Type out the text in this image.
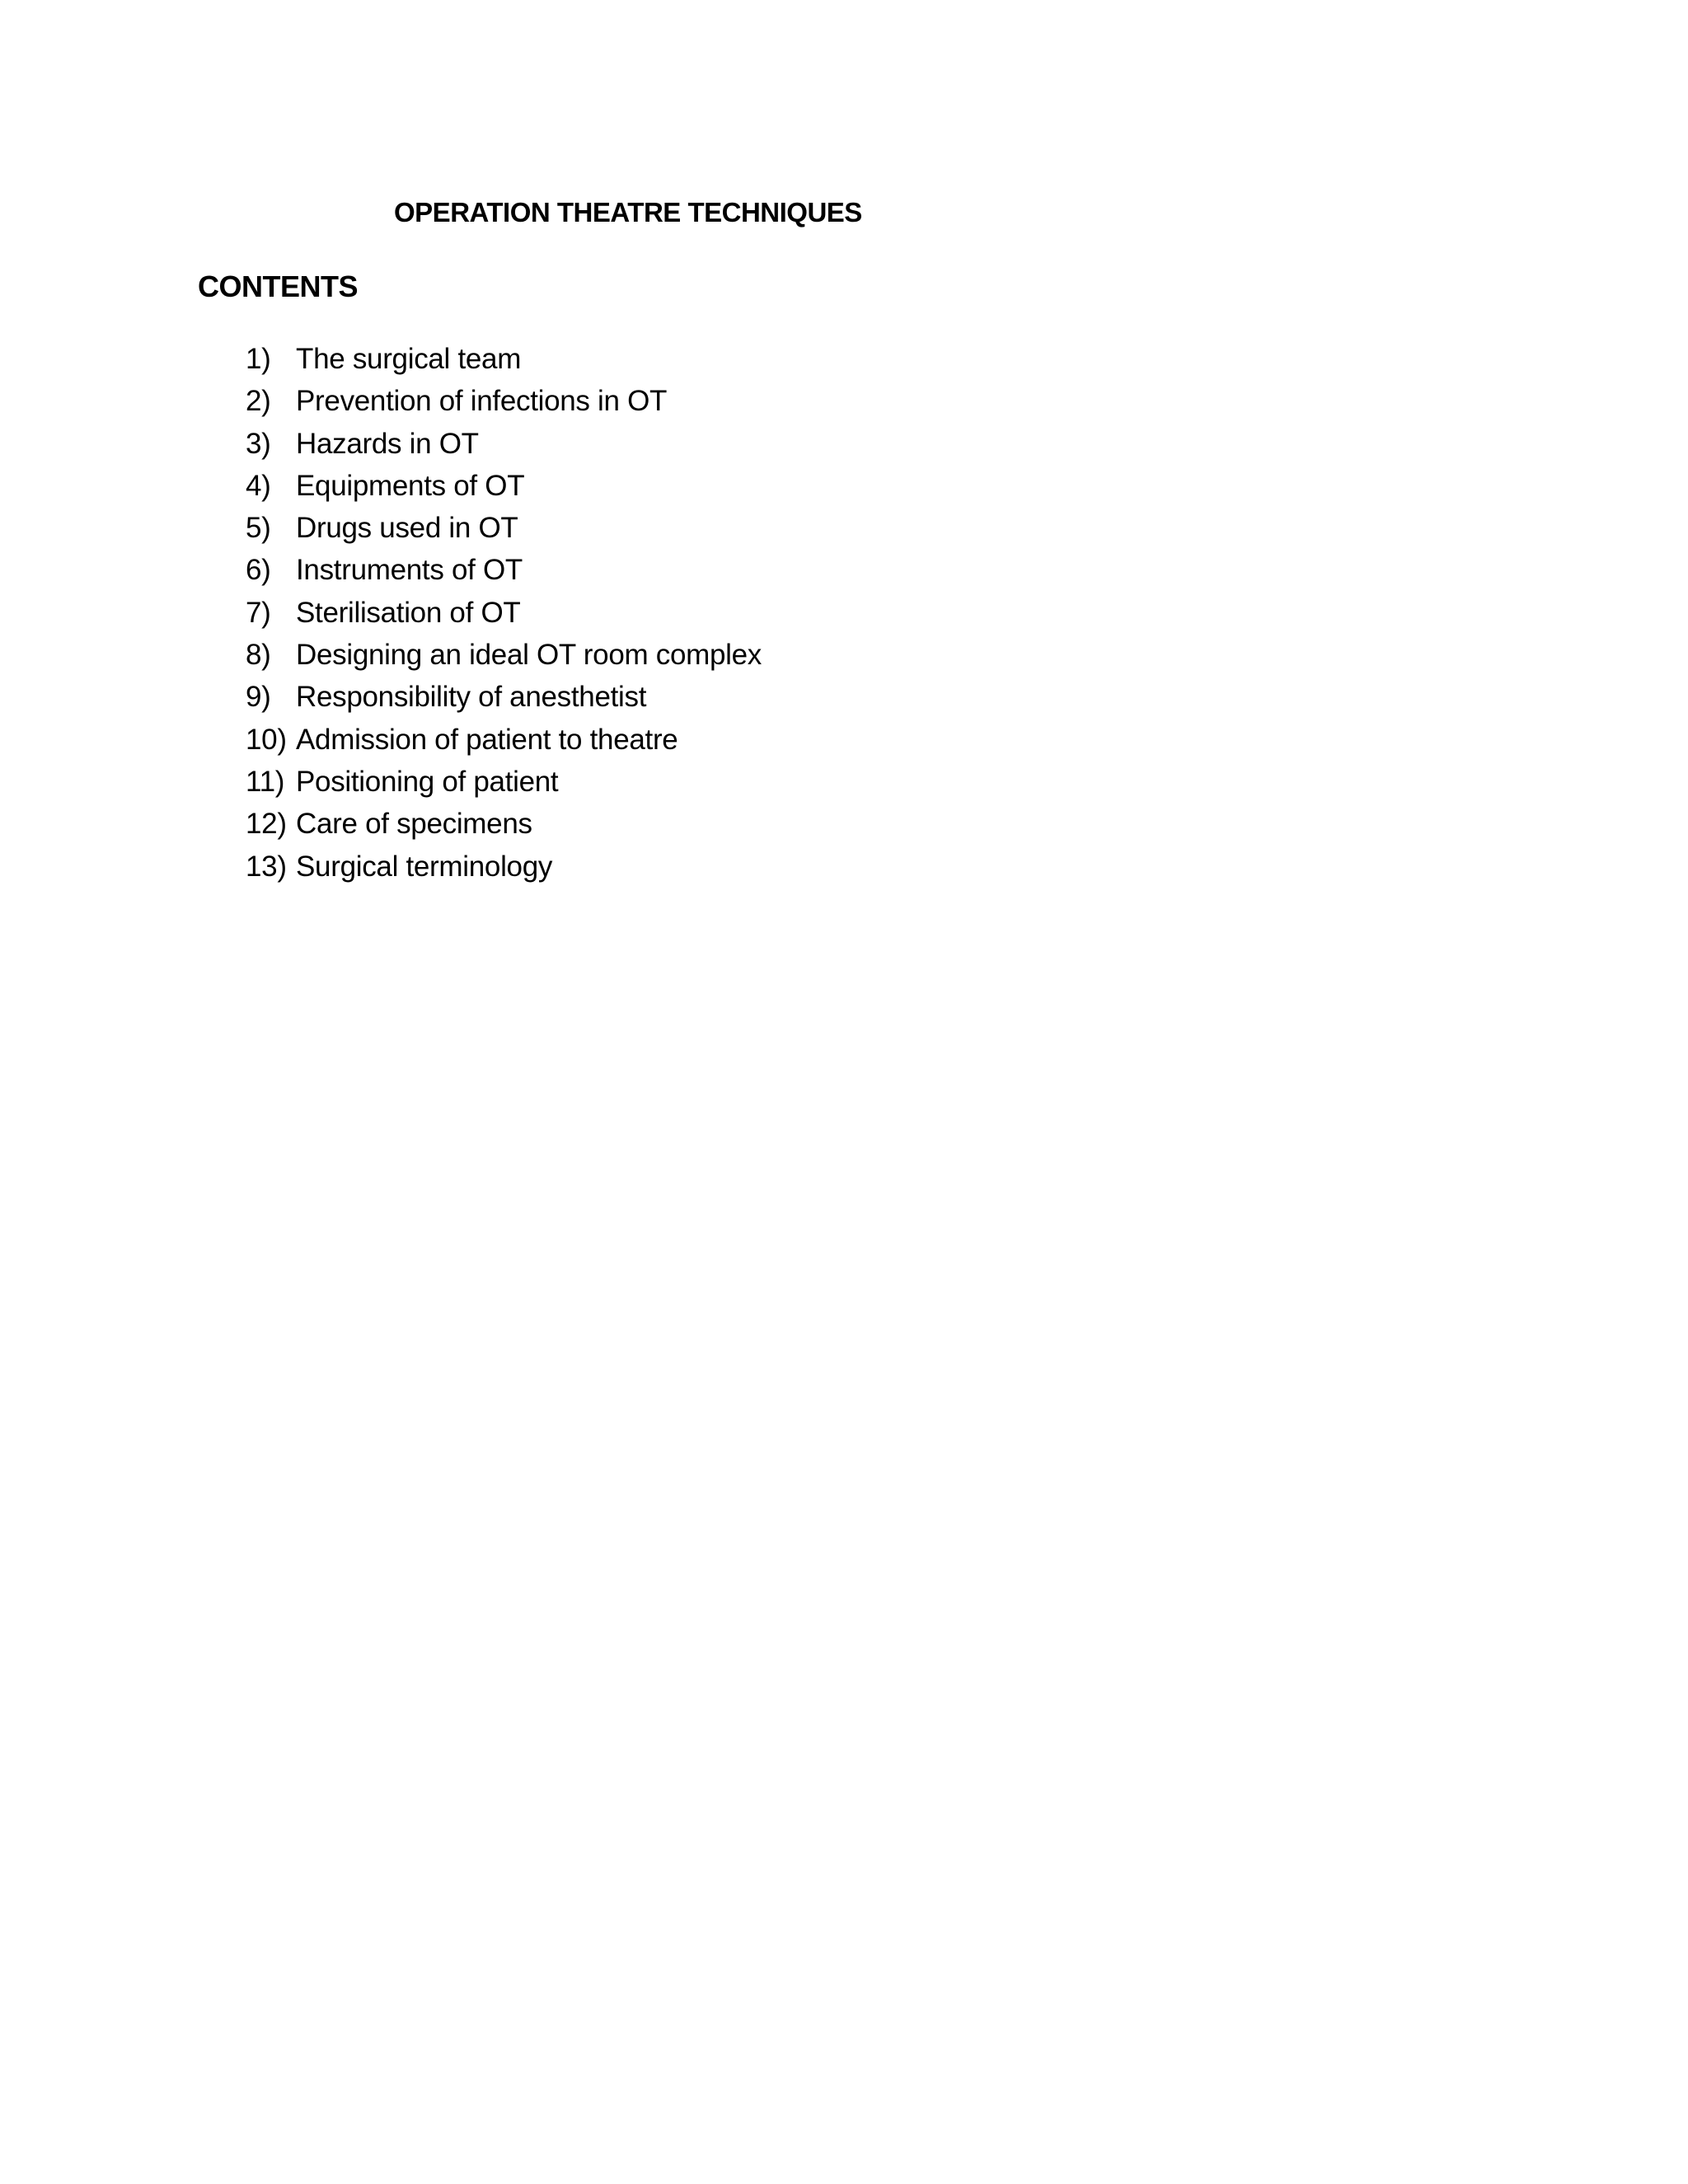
OPERATION THEATRE TECHNIQUES
CONTENTS
1) The surgical team
2) Prevention of infections in OT
3) Hazards in OT
4) Equipments of OT
5) Drugs used in OT
6) Instruments of OT
7) Sterilisation of OT
8) Designing an ideal OT room complex
9) Responsibility of anesthetist
10) Admission of patient to theatre
11) Positioning of patient
12) Care of specimens
13) Surgical terminology
